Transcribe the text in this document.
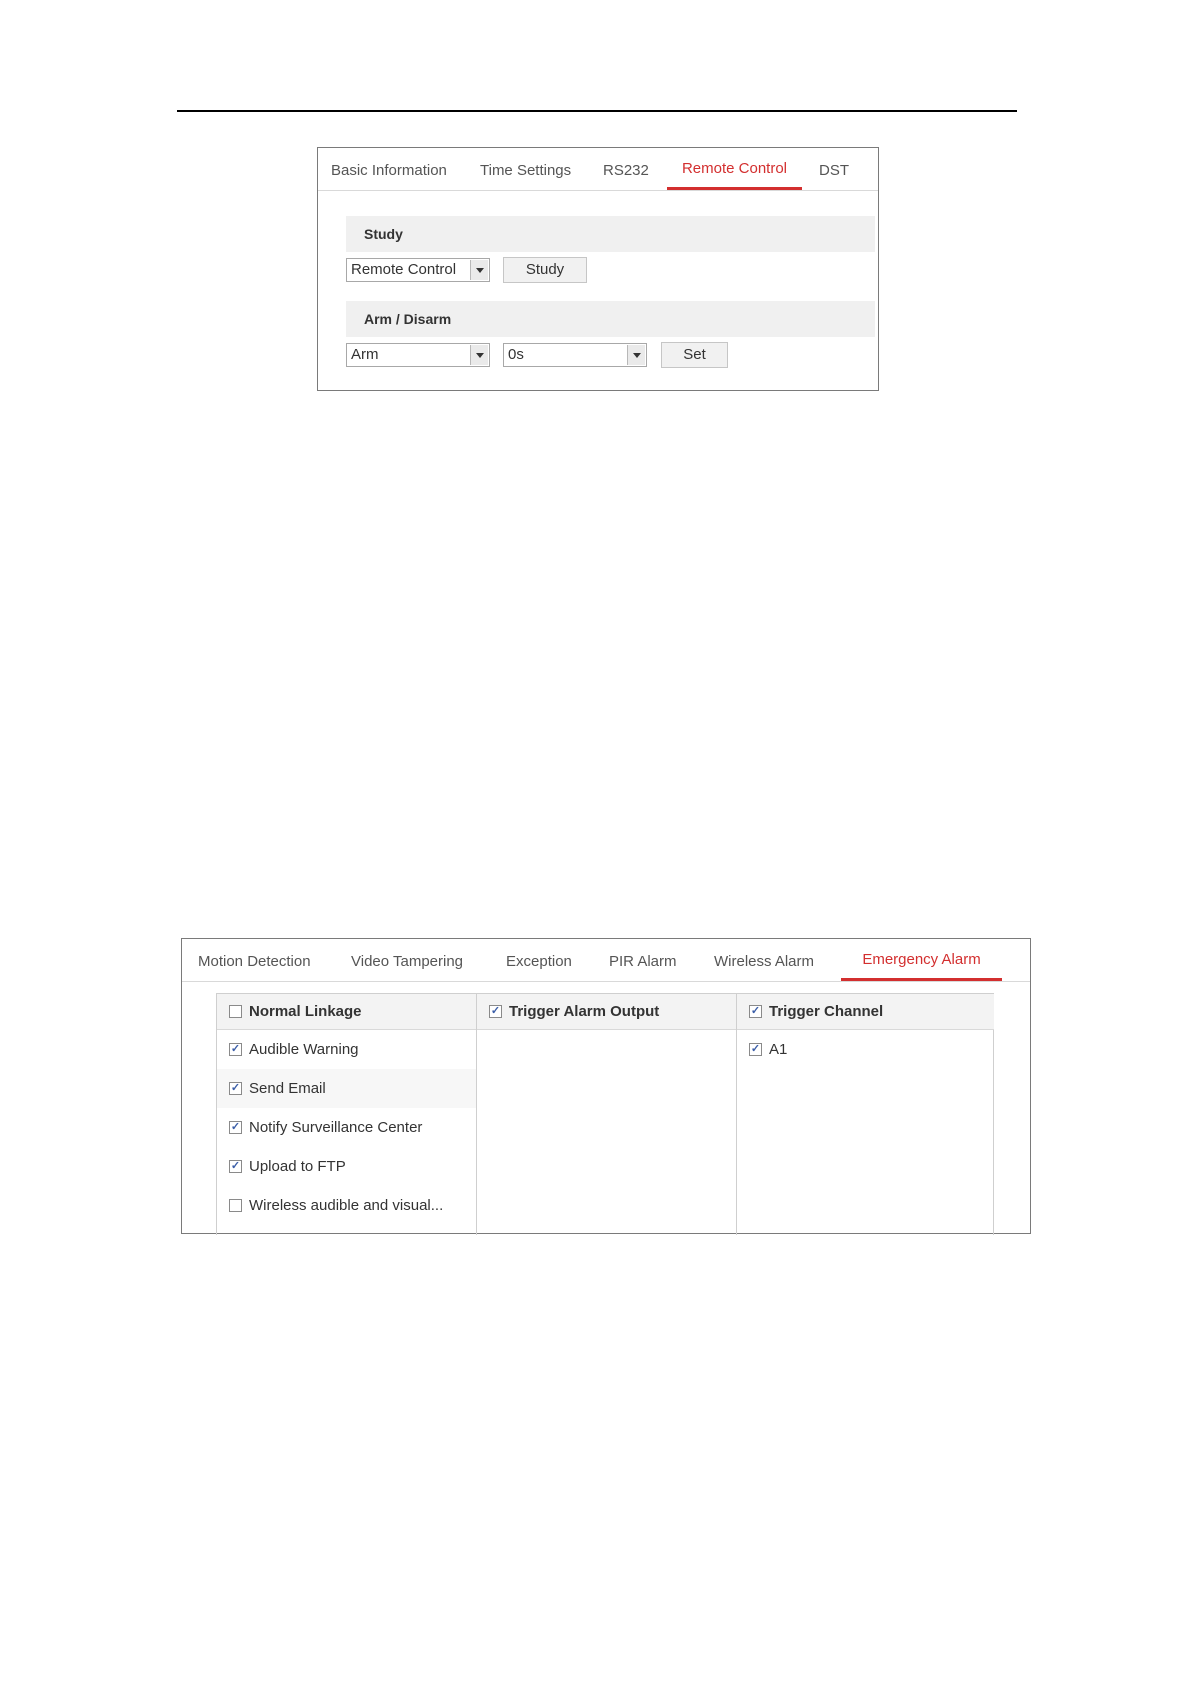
Basic Information Time Settings RS232	Remote Control	DST
Study
Remote Control	Study
Arm / Disarm
Arm	0s	Set
Motion Detection	Video Tampering	Exception PIR Alarm Wireless Alarm	Emergency Alarm
Normal Linkage
✓Audible Warning
✓Send Email
✓Notify Surveillance Center
✓Upload to FTP
Wireless audible and visual...
✓Trigger Alarm Output
✓	Trigger Channel
✓A1
